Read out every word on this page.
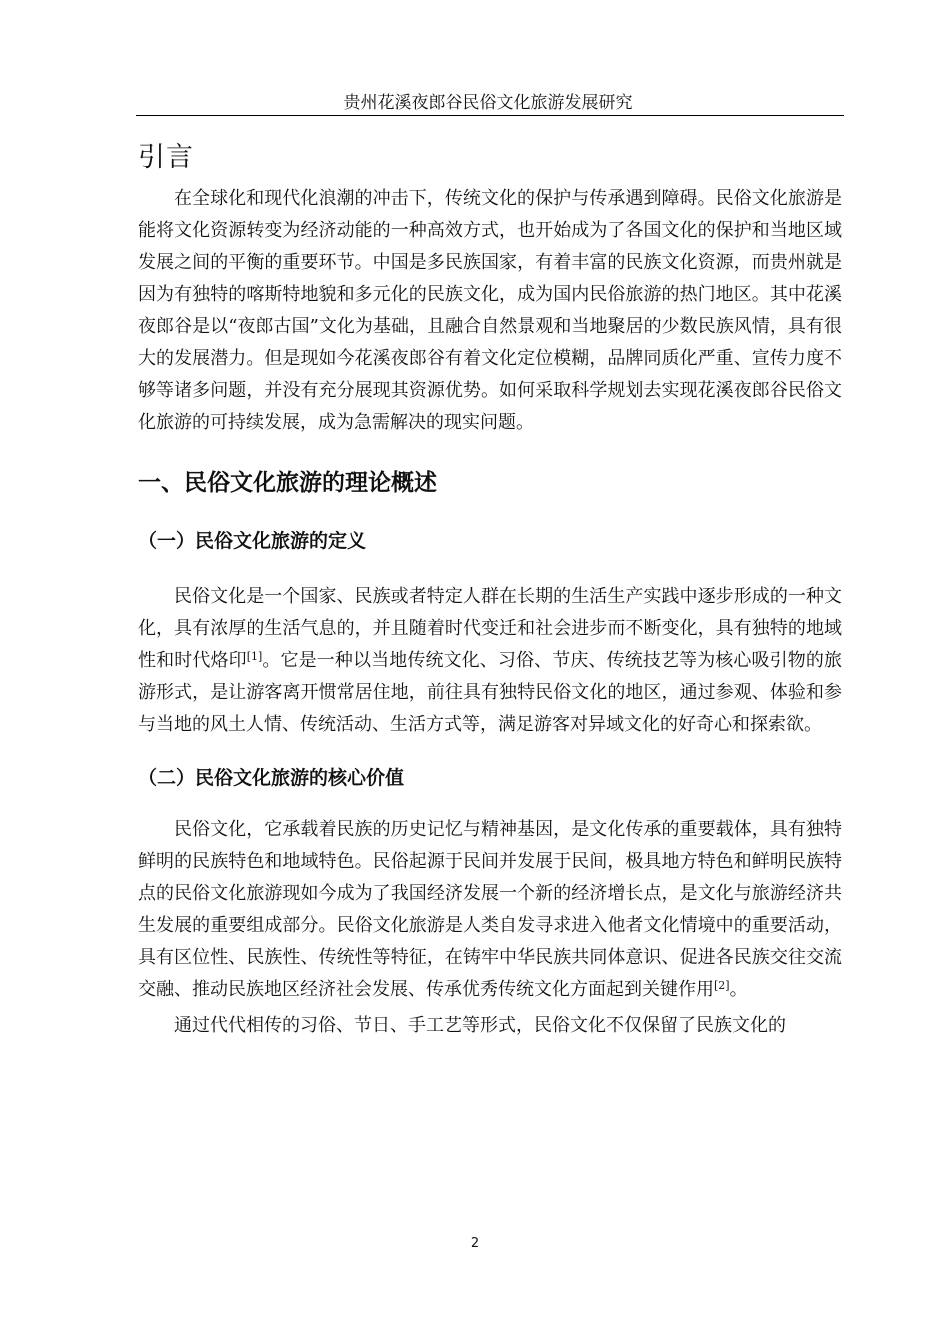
贵州花溪夜郎谷民俗文化旅游发展研究
引言

在全球化和现代化浪潮的冲击下，传统文化的保护与传承遇到障碍。民俗文化旅游是能将文化资源转变为经济动能的一种高效方式，也开始成为了各国文化的保护和当地区域发展之间的平衡的重要环节。中国是多民族国家，有着丰富的民族文化资源，而贵州就是因为有独特的喀斯特地貌和多元化的民族文化，成为国内民俗旅游的热门地区。其中花溪夜郎谷是以“夜郎古国”文化为基础，且融合自然景观和当地聚居的少数民族风情，具有很大的发展潜力。但是现如今花溪夜郎谷有着文化定位模糊，品牌同质化严重、宣传力度不够等诸多问题，并没有充分展现其资源优势。如何采取科学规划去实现花溪夜郎谷民俗文化旅游的可持续发展，成为急需解决的现实问题。

一、民俗文化旅游的理论概述
（一）民俗文化旅游的定义

民俗文化是一个国家、民族或者特定人群在长期的生活生产实践中逐步形成的一种文化，具有浓厚的生活气息的，并且随着时代变迁和社会进步而不断变化，具有独特的地域性和时代烙印[1]。它是一种以当地传统文化、习俗、节庆、传统技艺等为核心吸引物的旅游形式，是让游客离开惯常居住地，前往具有独特民俗文化的地区，通过参观、体验和参与当地的风土人情、传统活动、生活方式等，满足游客对异域文化的好奇心和探索欲。

（二）民俗文化旅游的核心价值

民俗文化，它承载着民族的历史记忆与精神基因，是文化传承的重要载体，具有独特鲜明的民族特色和地域特色。民俗起源于民间并发展于民间，极具地方特色和鲜明民族特点的民俗文化旅游现如今成为了我国经济发展一个新的经济增长点，是文化与旅游经济共生发展的重要组成部分。民俗文化旅游是人类自发寻求进入他者文化情境中的重要活动，具有区位性、民族性、传统性等特征，在铸牢中华民族共同体意识、促进各民族交往交流交融、推动民族地区经济社会发展、传承优秀传统文化方面起到关键作用[2]。

通过代代相传的习俗、节日、手工艺等形式，民俗文化不仅保留了民族文化的

2
